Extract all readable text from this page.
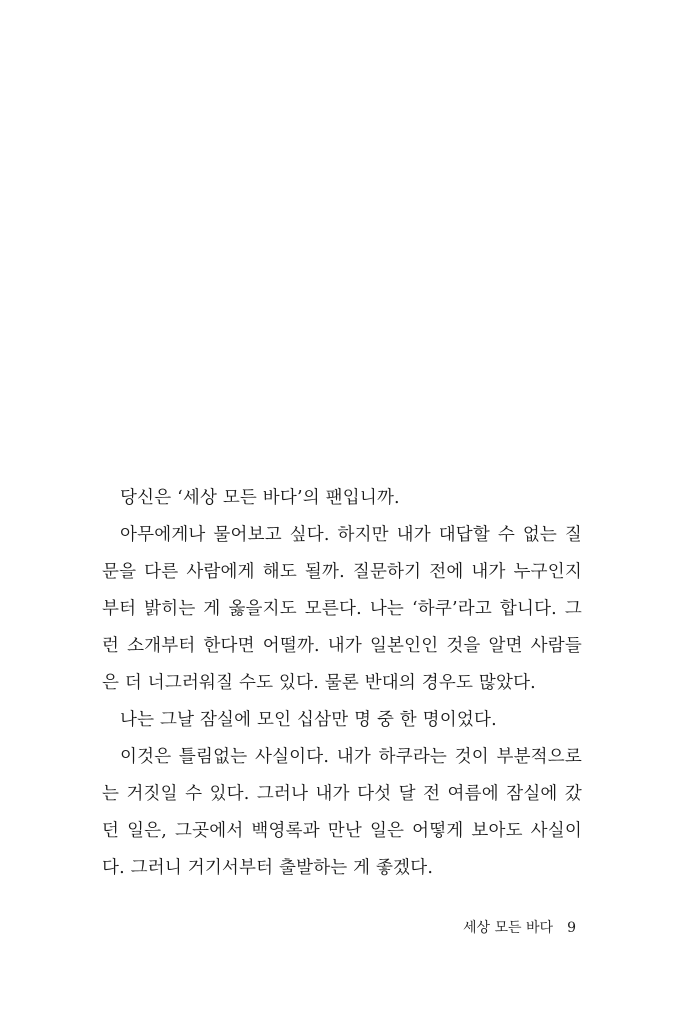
당신은 ‘세상 모든 바다’의 팬입니까.
아무에게나 물어보고 싶다. 하지만 내가 대답할 수 없는 질
문을 다른 사람에게 해도 될까. 질문하기 전에 내가 누구인지
부터 밝히는 게 옳을지도 모른다. 나는 ‘하쿠’라고 합니다. 그
런 소개부터 한다면 어떨까. 내가 일본인인 것을 알면 사람들
은 더 너그러워질 수도 있다. 물론 반대의 경우도 많았다.
나는 그날 잠실에 모인 십삼만 명 중 한 명이었다.
이것은 틀림없는 사실이다. 내가 하쿠라는 것이 부분적으로
는 거짓일 수 있다. 그러나 내가 다섯 달 전 여름에 잠실에 갔
던 일은, 그곳에서 백영록과 만난 일은 어떻게 보아도 사실이
다. 그러니 거기서부터 출발하는 게 좋겠다.
세상 모든 바다 9
